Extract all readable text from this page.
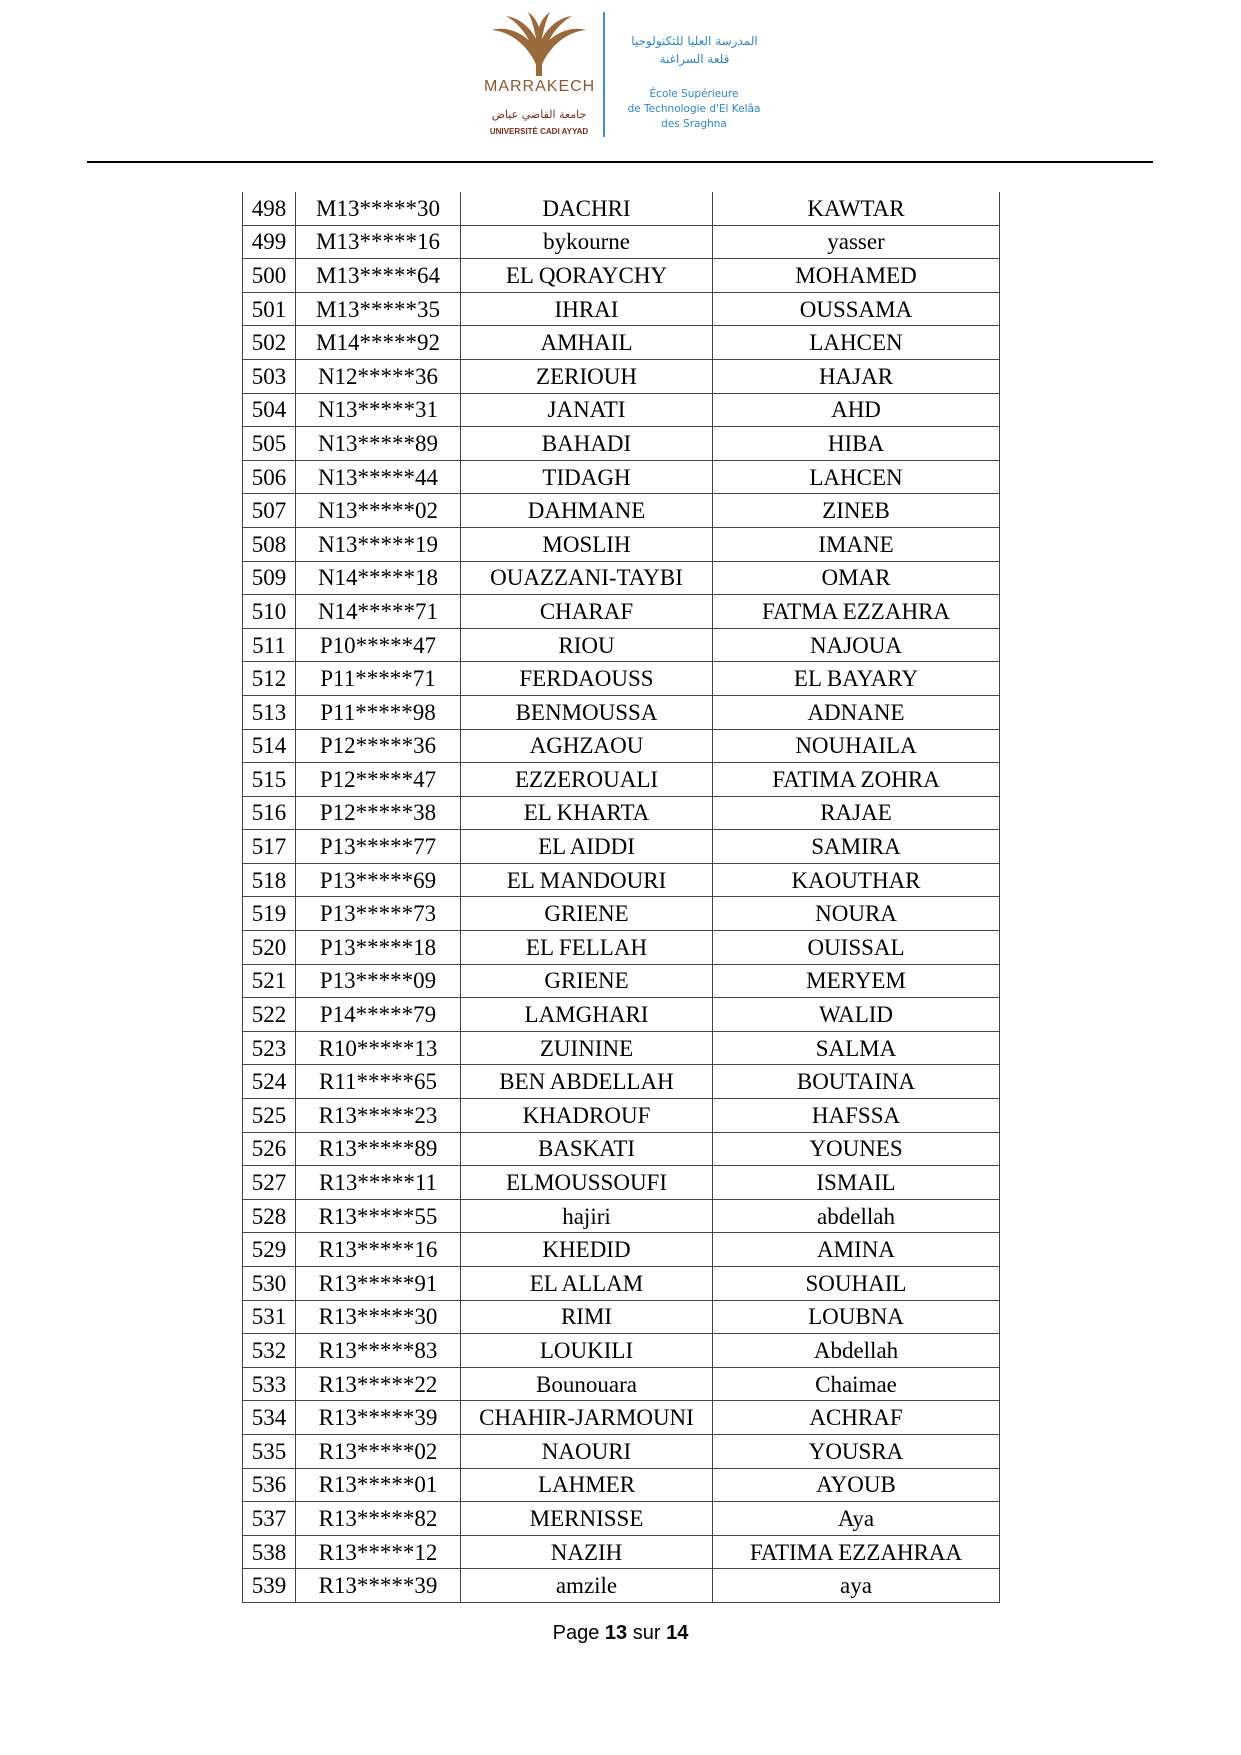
MARRAKECH
جامعة القاضي عياض
UNIVERSITÉ CADI AYYAD
المدرسة العليا للتكنولوجيا
قلعة السراغنة
École Supérieure
de Technologie d'El Kelâa
des Sraghna
498	M13*****30	DACHRI	KAWTAR
499	M13*****16	bykourne	yasser
500	M13*****64	EL QORAYCHY	MOHAMED
501	M13*****35	IHRAI	OUSSAMA
502	M14*****92	AMHAIL	LAHCEN
503	N12*****36	ZERIOUH	HAJAR
504	N13*****31	JANATI	AHD
505	N13*****89	BAHADI	HIBA
506	N13*****44	TIDAGH	LAHCEN
507	N13*****02	DAHMANE	ZINEB
508	N13*****19	MOSLIH	IMANE
509	N14*****18	OUAZZANI-TAYBI	OMAR
510	N14*****71	CHARAF	FATMA EZZAHRA
511	P10*****47	RIOU	NAJOUA
512	P11*****71	FERDAOUSS	EL BAYARY
513	P11*****98	BENMOUSSA	ADNANE
514	P12*****36	AGHZAOU	NOUHAILA
515	P12*****47	EZZEROUALI	FATIMA ZOHRA
516	P12*****38	EL KHARTA	RAJAE
517	P13*****77	EL AIDDI	SAMIRA
518	P13*****69	EL MANDOURI	KAOUTHAR
519	P13*****73	GRIENE	NOURA
520	P13*****18	EL FELLAH	OUISSAL
521	P13*****09	GRIENE	MERYEM
522	P14*****79	LAMGHARI	WALID
523	R10*****13	ZUININE	SALMA
524	R11*****65	BEN ABDELLAH	BOUTAINA
525	R13*****23	KHADROUF	HAFSSA
526	R13*****89	BASKATI	YOUNES
527	R13*****11	ELMOUSSOUFI	ISMAIL
528	R13*****55	hajiri	abdellah
529	R13*****16	KHEDID	AMINA
530	R13*****91	EL ALLAM	SOUHAIL
531	R13*****30	RIMI	LOUBNA
532	R13*****83	LOUKILI	Abdellah
533	R13*****22	Bounouara	Chaimae
534	R13*****39	CHAHIR-JARMOUNI	ACHRAF
535	R13*****02	NAOURI	YOUSRA
536	R13*****01	LAHMER	AYOUB
537	R13*****82	MERNISSE	Aya
538	R13*****12	NAZIH	FATIMA EZZAHRAA
539	R13*****39	amzile	aya
Page 13 sur 14
